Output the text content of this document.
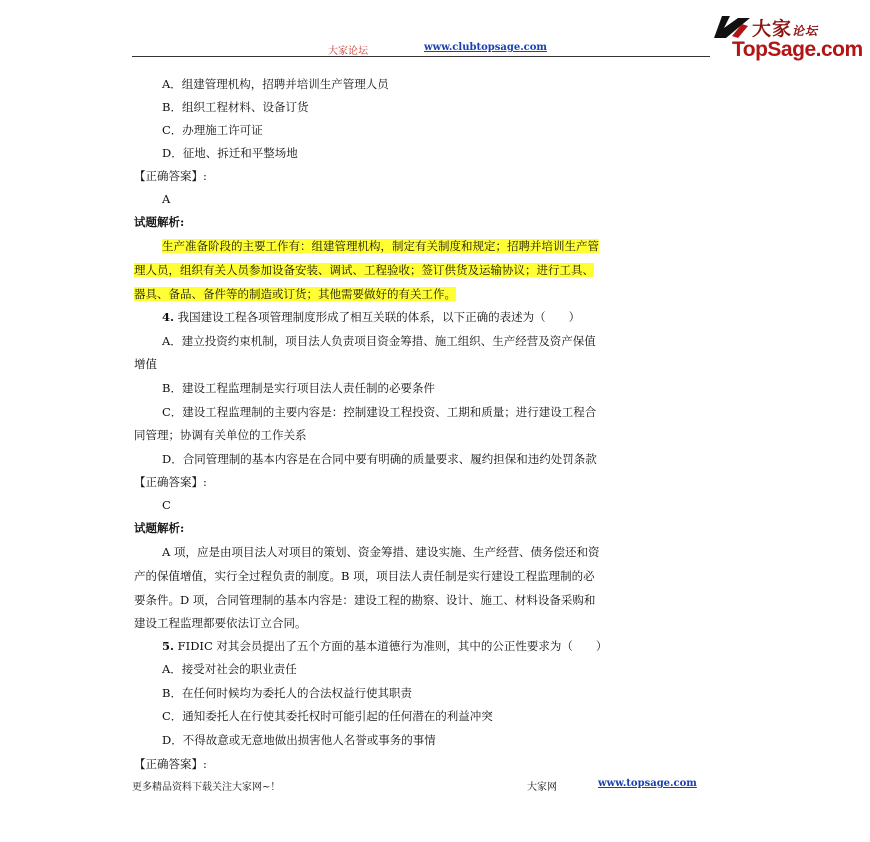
大家论坛	www.clubtopsage.com
大家论坛
TopSage.com
A．组建管理机构，招聘并培训生产管理人员
B．组织工程材料、设备订货
C．办理施工许可证
D．征地、拆迁和平整场地
【正确答案】:
A
试题解析:
生产准备阶段的主要工作有：组建管理机构，制定有关制度和规定；招聘并培训生产管
理人员，组织有关人员参加设备安装、调试、工程验收；签订供货及运输协议；进行工具、
器具、备品、备件等的制造或订货；其他需要做好的有关工作。
4. 我国建设工程各项管理制度形成了相互关联的体系，以下正确的表述为（　　）
A．建立投资约束机制，项目法人负责项目资金筹措、施工组织、生产经营及资产保值
增值
B．建设工程监理制是实行项目法人责任制的必要条件
C．建设工程监理制的主要内容是：控制建设工程投资、工期和质量；进行建设工程合
同管理；协调有关单位的工作关系
D．合同管理制的基本内容是在合同中要有明确的质量要求、履约担保和违约处罚条款
【正确答案】:
C
试题解析:
A 项，应是由项目法人对项目的策划、资金筹措、建设实施、生产经营、债务偿还和资
产的保值增值，实行全过程负责的制度。B 项，项目法人责任制是实行建设工程监理制的必
要条件。D 项，合同管理制的基本内容是：建设工程的勘察、设计、施工、材料设备采购和
建设工程监理都要依法订立合同。
5. FIDIC 对其会员提出了五个方面的基本道德行为准则，其中的公正性要求为（　　）
A．接受对社会的职业责任
B．在任何时候均为委托人的合法权益行使其职责
C．通知委托人在行使其委托权时可能引起的任何潜在的利益冲突
D．不得故意或无意地做出损害他人名誉或事务的事情
【正确答案】:
更多精品资料下载关注大家网~！	大家网	www.topsage.com
